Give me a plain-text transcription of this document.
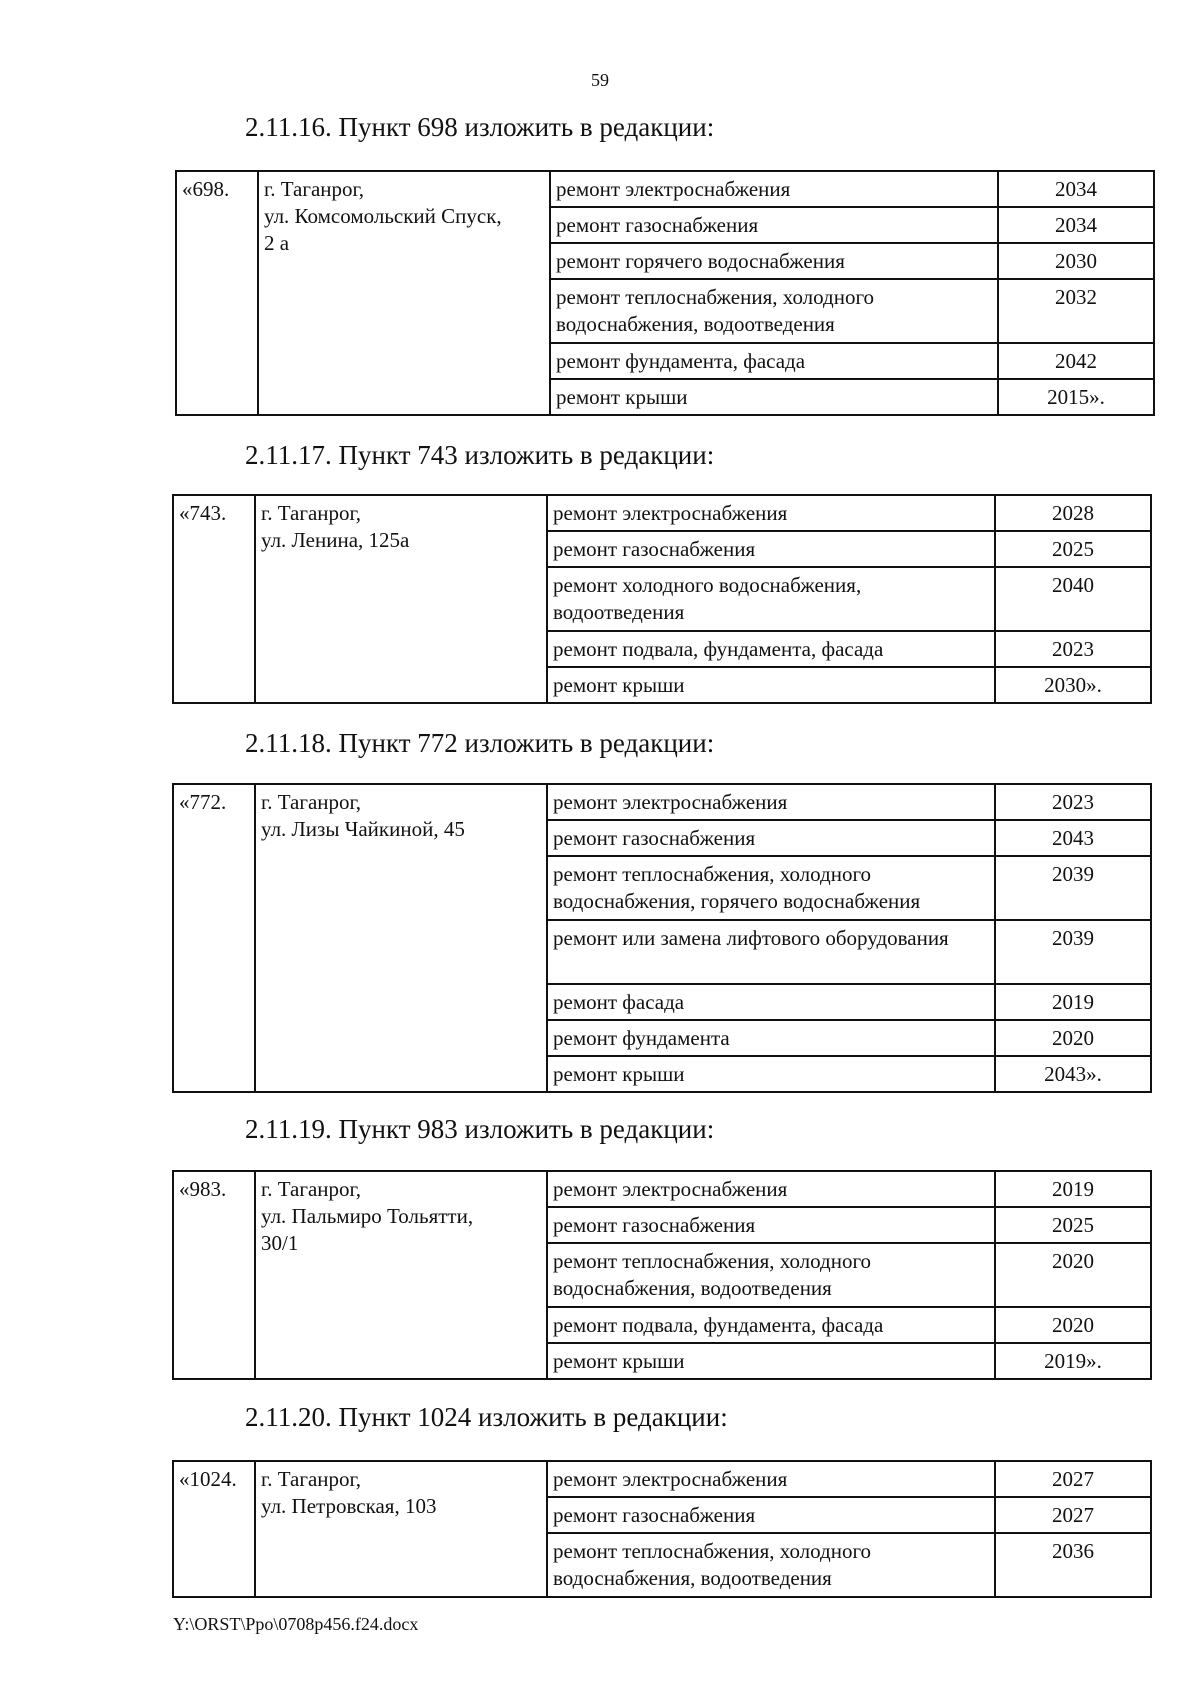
59
2.11.16. Пункт 698 изложить в редакции:
«698.	г. Таганрог,
ул. Комсомольский Спуск,
2 а	ремонт электроснабжения	2034
		ремонт газоснабжения	2034
		ремонт горячего водоснабжения	2030
		ремонт теплоснабжения, холодного водоснабжения, водоотведения	2032
		ремонт фундамента, фасада	2042
		ремонт крыши	2015».
2.11.17. Пункт 743 изложить в редакции:
«743.	г. Таганрог,
ул. Ленина, 125а	ремонт электроснабжения	2028
		ремонт газоснабжения	2025
		ремонт холодного водоснабжения, водоотведения	2040
		ремонт подвала, фундамента, фасада	2023
		ремонт крыши	2030».
2.11.18. Пункт 772 изложить в редакции:
«772.	г. Таганрог,
ул. Лизы Чайкиной, 45	ремонт электроснабжения	2023
		ремонт газоснабжения	2043
		ремонт теплоснабжения, холодного водоснабжения, горячего водоснабжения	2039
		ремонт или замена лифтового оборудования	2039
		ремонт фасада	2019
		ремонт фундамента	2020
		ремонт крыши	2043».
2.11.19. Пункт 983 изложить в редакции:
«983.	г. Таганрог,
ул. Пальмиро Тольятти,
30/1	ремонт электроснабжения	2019
		ремонт газоснабжения	2025
		ремонт теплоснабжения, холодного водоснабжения, водоотведения	2020
		ремонт подвала, фундамента, фасада	2020
		ремонт крыши	2019».
2.11.20. Пункт 1024 изложить в редакции:
«1024.	г. Таганрог,
ул. Петровская, 103	ремонт электроснабжения	2027
		ремонт газоснабжения	2027
		ремонт теплоснабжения, холодного водоснабжения, водоотведения	2036
Y:\ORST\Ppo\0708p456.f24.docx
